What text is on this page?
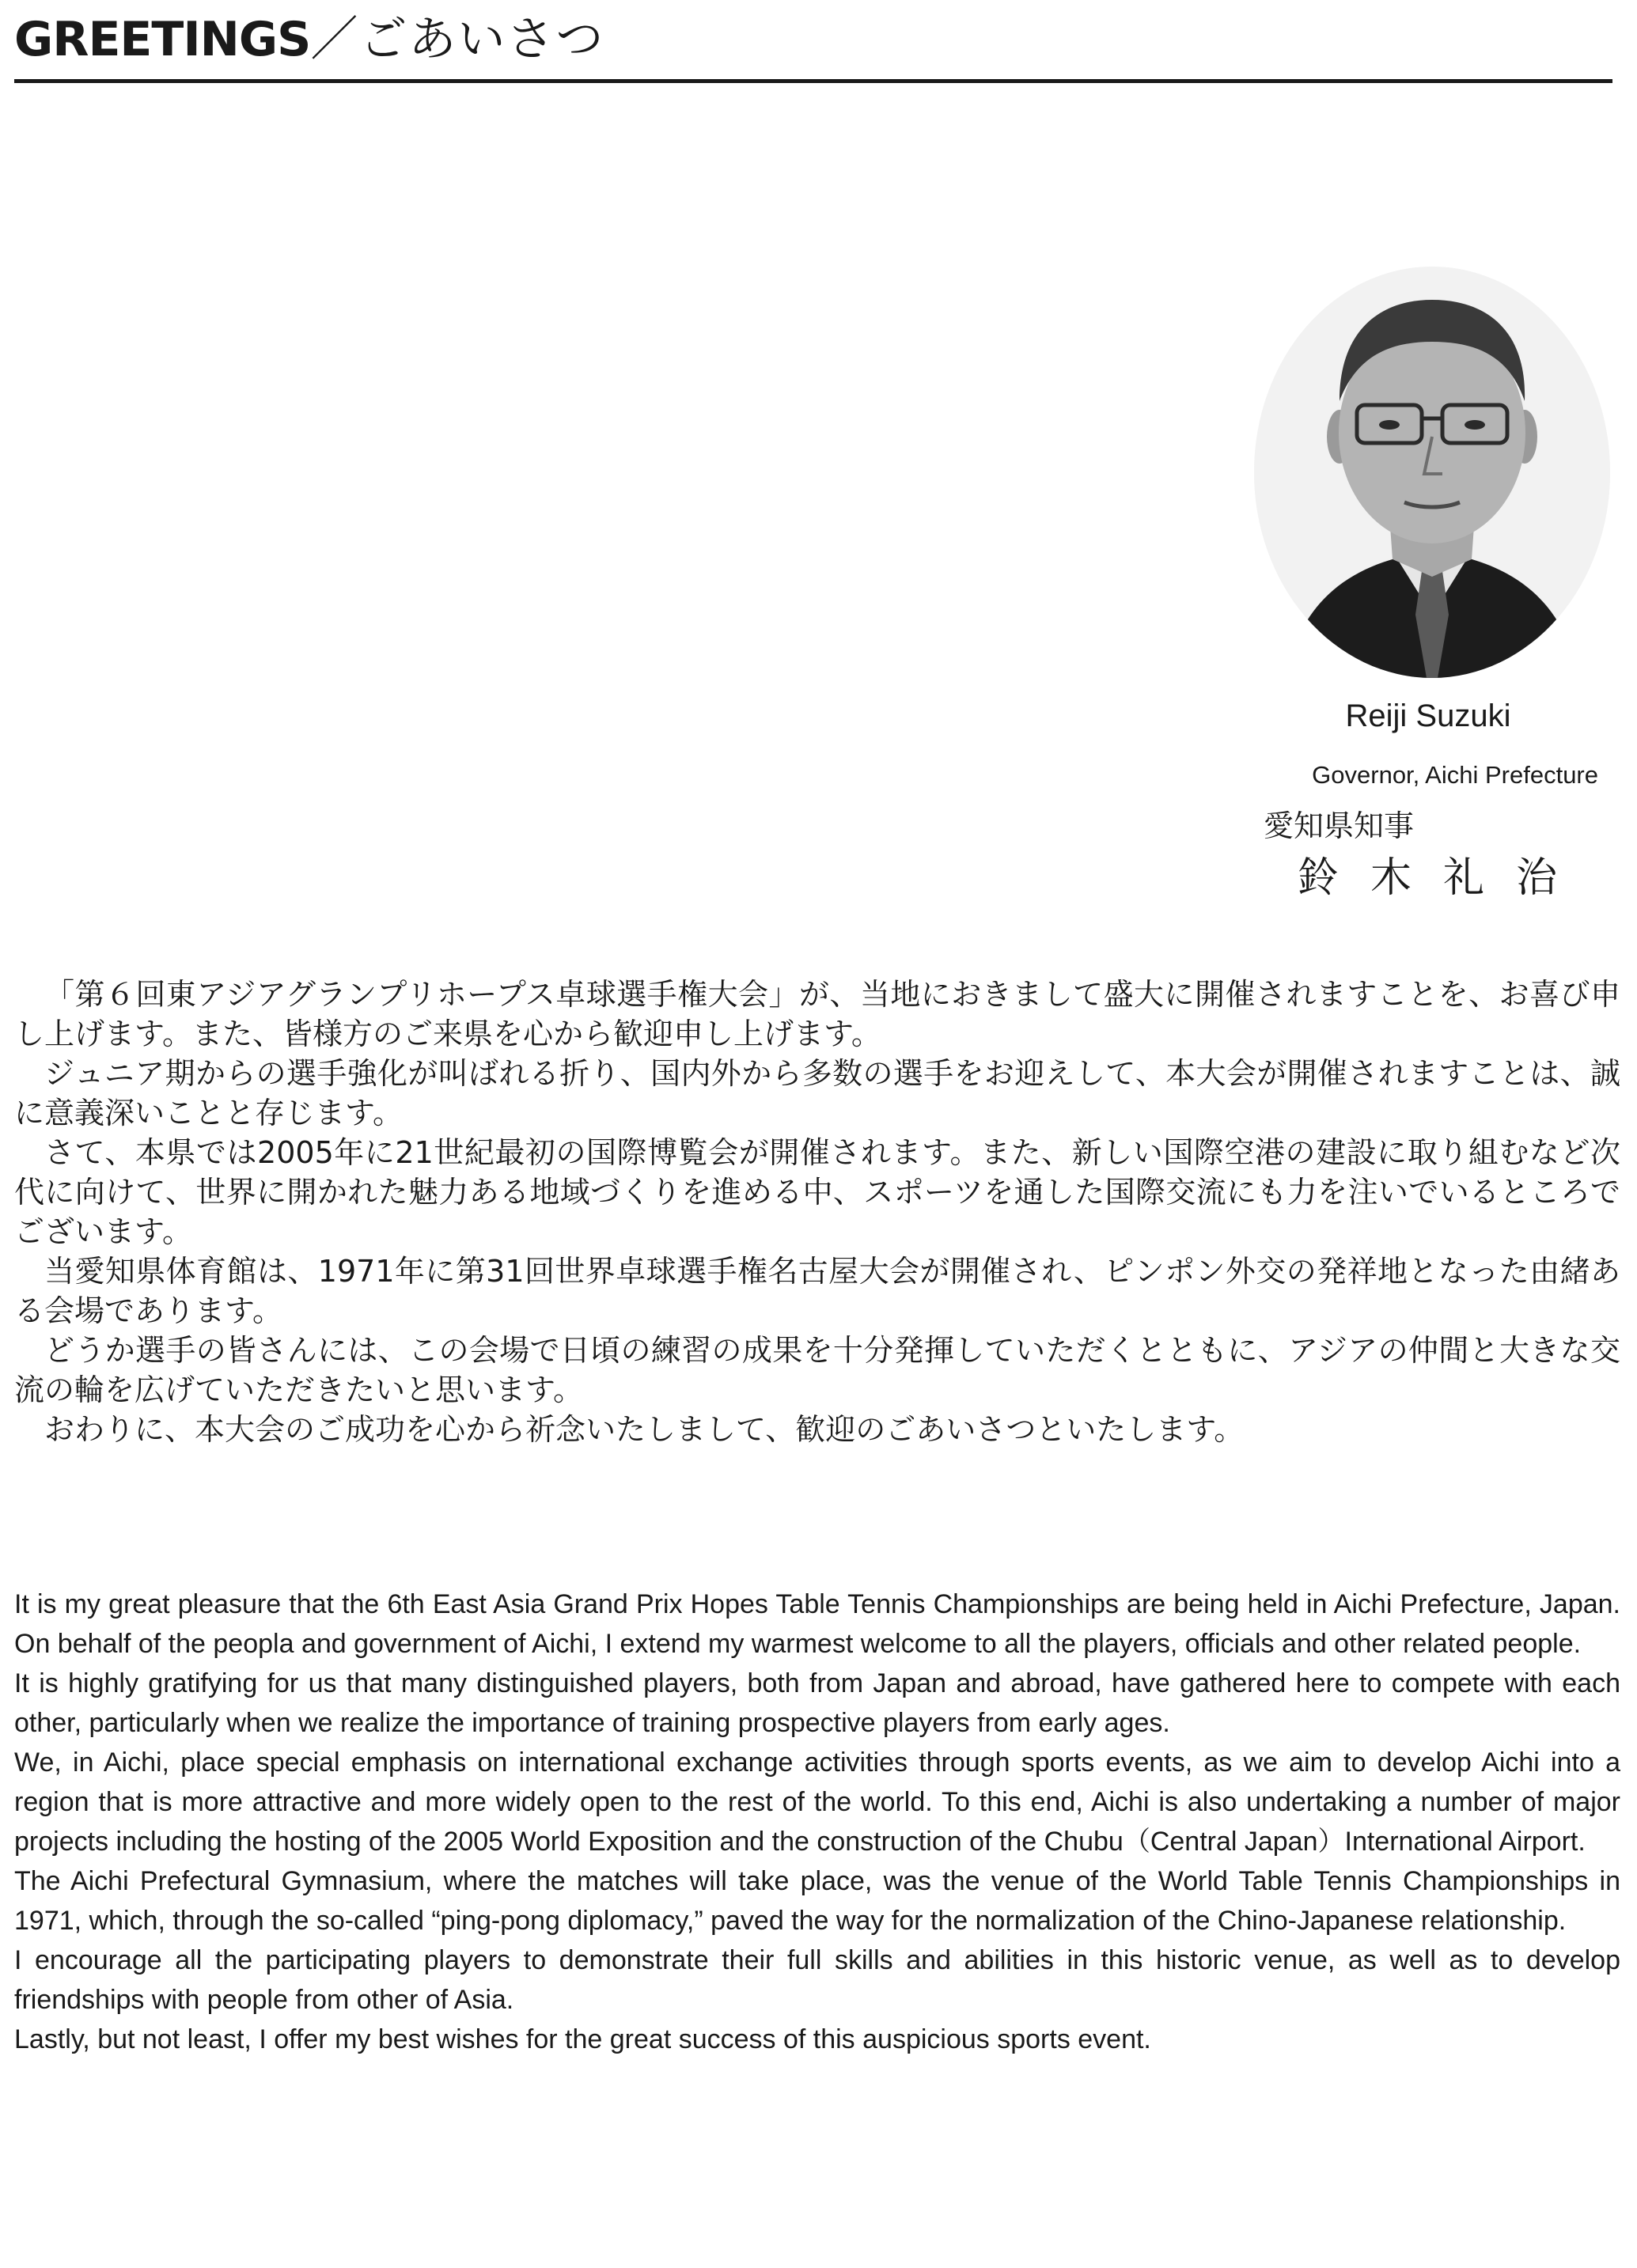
GREETINGS／ごあいさつ
Reiji Suzuki
Governor, Aichi Prefecture
愛知県知事
鈴木礼治

「第６回東アジアグランプリホープス卓球選手権大会」が、当地におきまして盛大に開催されますことを、お喜び申し上げます。また、皆様方のご来県を心から歓迎申し上げます。

ジュニア期からの選手強化が叫ばれる折り、国内外から多数の選手をお迎えして、本大会が開催されますことは、誠に意義深いことと存じます。

さて、本県では2005年に21世紀最初の国際博覧会が開催されます。また、新しい国際空港の建設に取り組むなど次代に向けて、世界に開かれた魅力ある地域づくりを進める中、スポーツを通した国際交流にも力を注いでいるところでございます。

当愛知県体育館は、1971年に第31回世界卓球選手権名古屋大会が開催され、ピンポン外交の発祥地となった由緒ある会場であります。

どうか選手の皆さんには、この会場で日頃の練習の成果を十分発揮していただくとともに、アジアの仲間と大きな交流の輪を広げていただきたいと思います。

おわりに、本大会のご成功を心から祈念いたしまして、歓迎のごあいさつといたします。

It is my great pleasure that the 6th East Asia Grand Prix Hopes Table Tennis Championships are being held in Aichi Prefecture, Japan. On behalf of the peopla and government of Aichi, I extend my warmest welcome to all the players, officials and other related people.

It is highly gratifying for us that many distinguished players, both from Japan and abroad, have gathered here to compete with each other, particularly when we realize the importance of training prospective players from early ages.

We, in Aichi, place special emphasis on international exchange activities through sports events, as we aim to develop Aichi into a region that is more attractive and more widely open to the rest of the world. To this end, Aichi is also undertaking a number of major projects including the hosting of the 2005 World Exposition and the construction of the Chubu（Central Japan）International Airport.

The Aichi Prefectural Gymnasium, where the matches will take place, was the venue of the World Table Tennis Championships in 1971, which, through the so-called “ping-pong diplomacy,” paved the way for the normalization of the Chino-Japanese relationship.

I encourage all the participating players to demonstrate their full skills and abilities in this historic venue, as well as to develop friendships with people from other of Asia.

Lastly, but not least, I offer my best wishes for the great success of this auspicious sports event.
